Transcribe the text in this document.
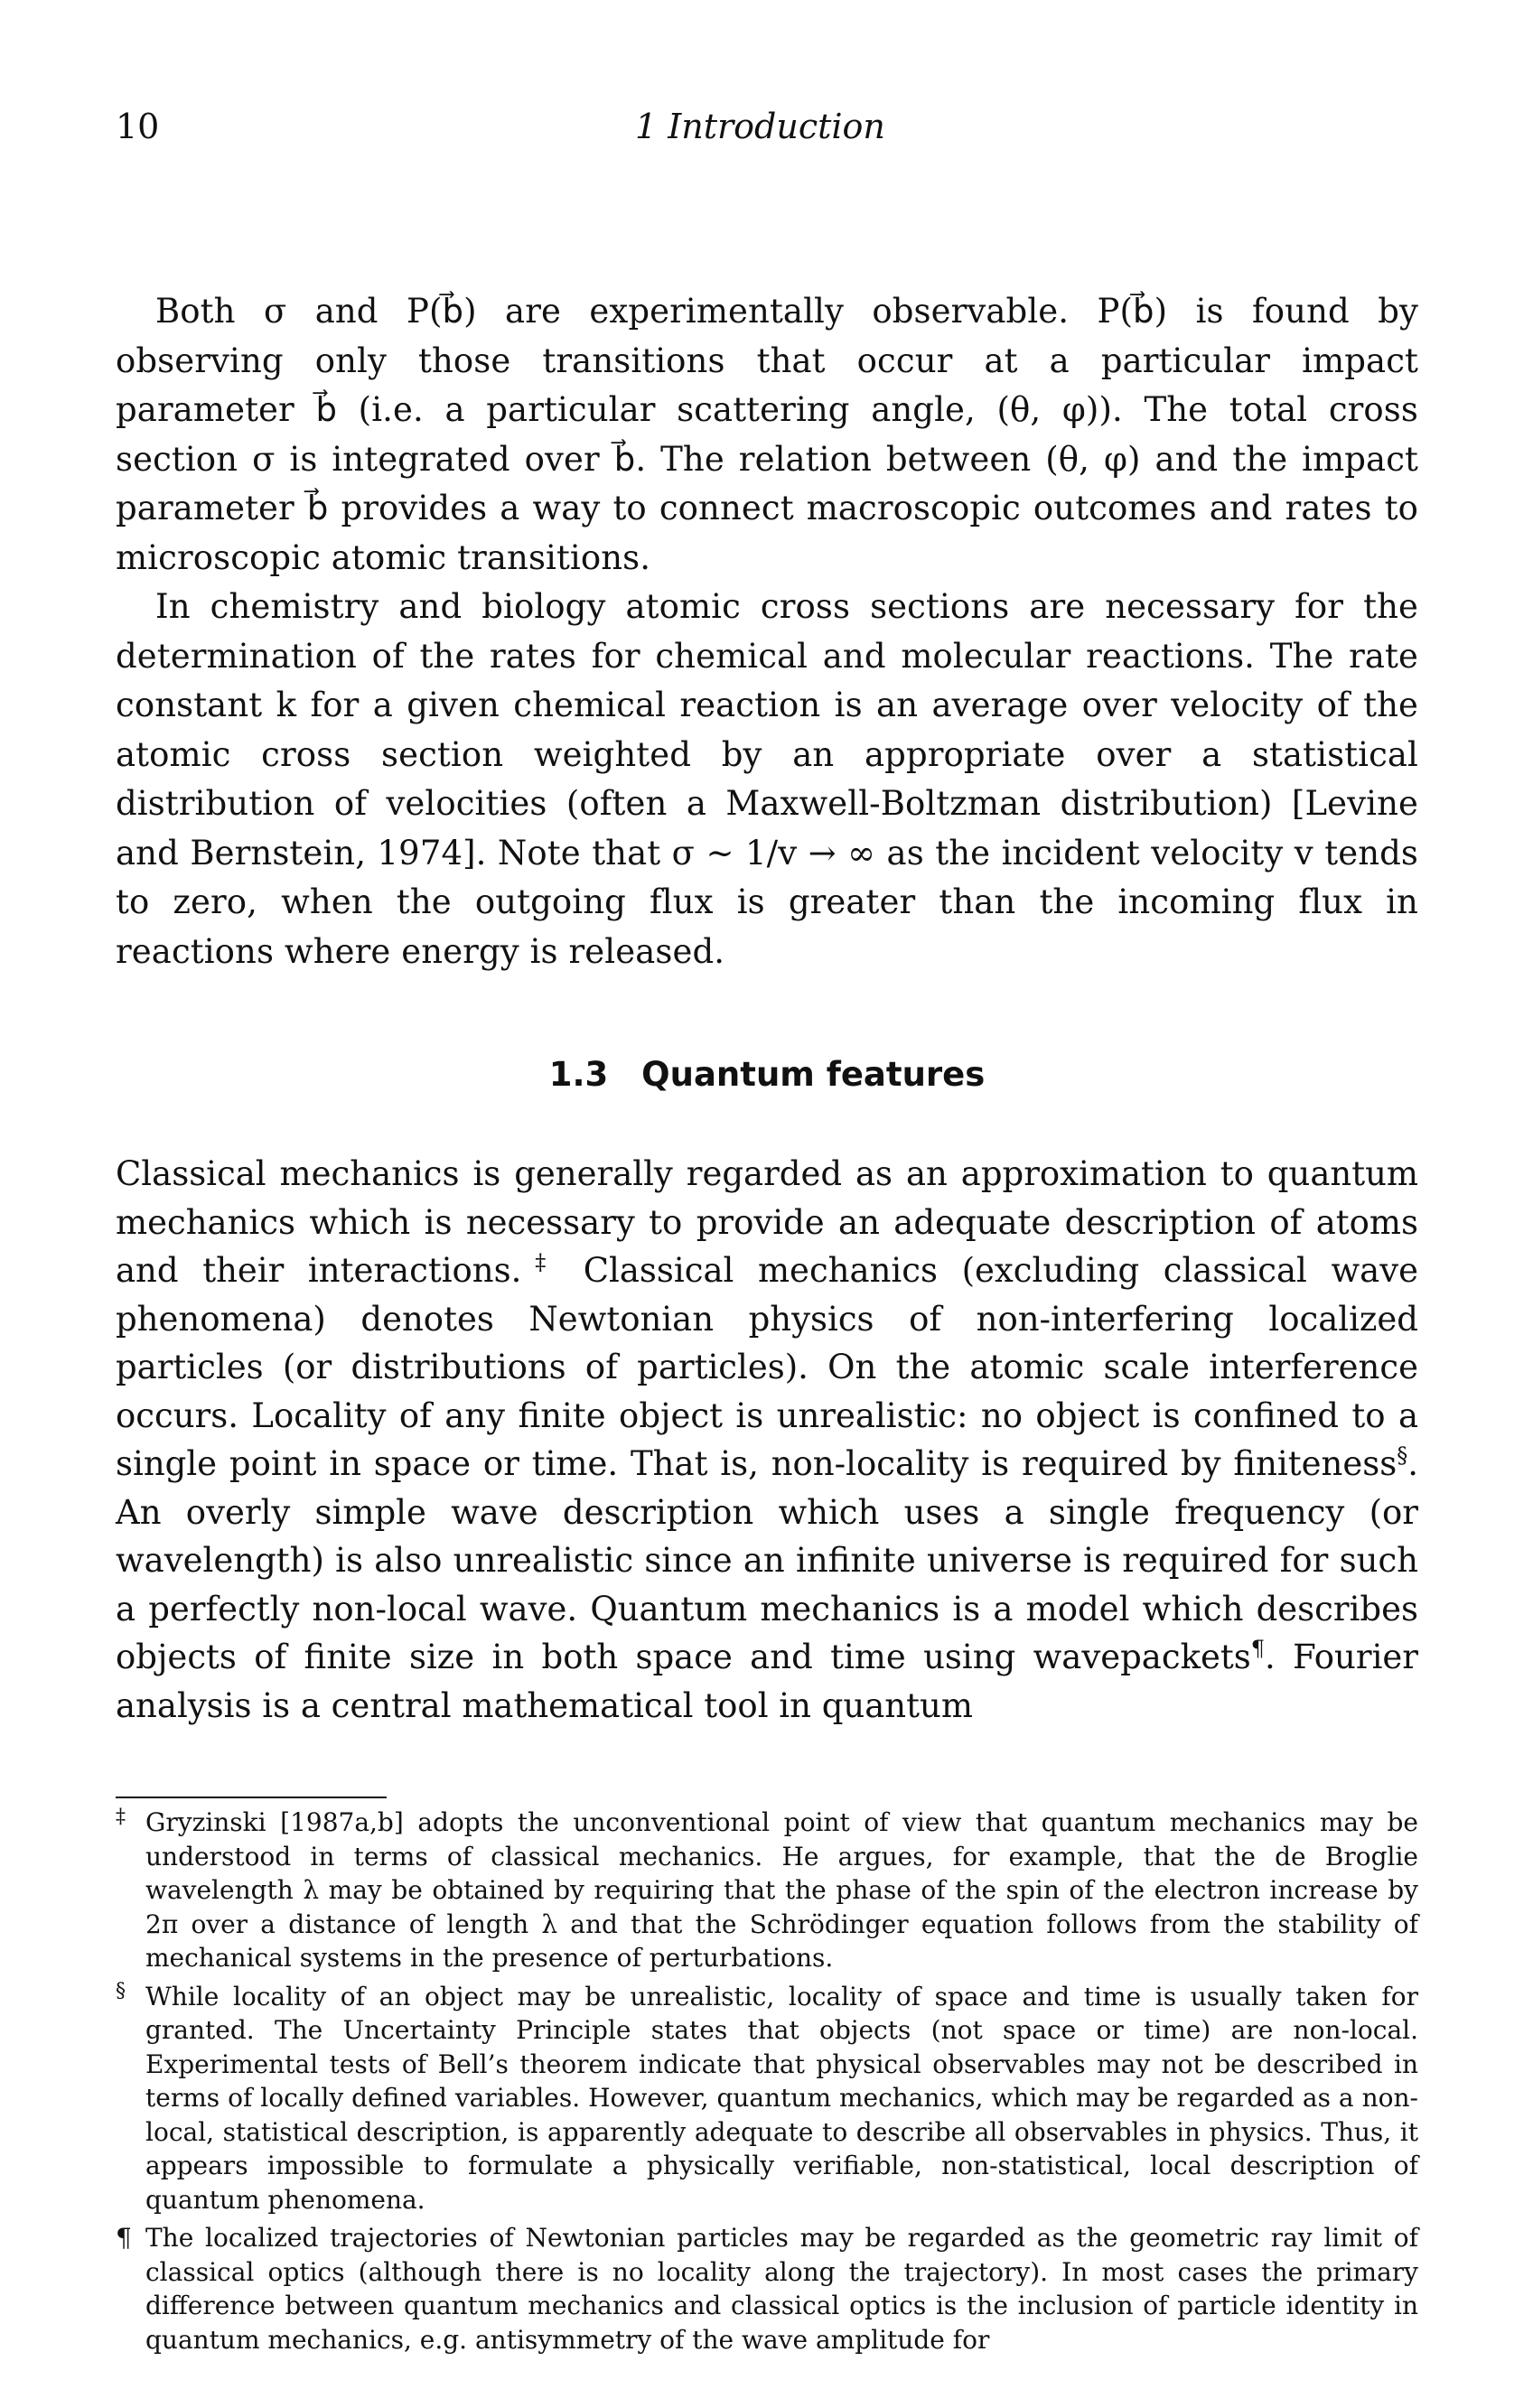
10	1 Introduction

Both σ and P(b⃗) are experimentally observable. P(b⃗) is found by observing only those transitions that occur at a particular impact parameter b⃗ (i.e. a particular scattering angle, (θ, φ)). The total cross section σ is integrated over b⃗. The relation between (θ, φ) and the impact parameter b⃗ provides a way to connect macroscopic outcomes and rates to microscopic atomic transitions.

In chemistry and biology atomic cross sections are necessary for the determination of the rates for chemical and molecular reactions. The rate constant k for a given chemical reaction is an average over velocity of the atomic cross section weighted by an appropriate over a statistical distribution of velocities (often a Maxwell-Boltzman distribution) [Levine and Bernstein, 1974]. Note that σ ~ 1/v → ∞ as the incident velocity v tends to zero, when the outgoing flux is greater than the incoming flux in reactions where energy is released.

1.3 Quantum features

Classical mechanics is generally regarded as an approximation to quantum mechanics which is necessary to provide an adequate description of atoms and their interactions.‡ Classical mechanics (excluding classical wave phenomena) denotes Newtonian physics of non-interfering localized particles (or distributions of particles). On the atomic scale interference occurs. Locality of any finite object is unrealistic: no object is confined to a single point in space or time. That is, non-locality is required by finiteness§. An overly simple wave description which uses a single frequency (or wavelength) is also unrealistic since an infinite universe is required for such a perfectly non-local wave. Quantum mechanics is a model which describes objects of finite size in both space and time using wavepackets¶. Fourier analysis is a central mathematical tool in quantum

‡ Gryzinski [1987a,b] adopts the unconventional point of view that quantum mechanics may be understood in terms of classical mechanics. He argues, for example, that the de Broglie wavelength λ may be obtained by requiring that the phase of the spin of the electron increase by 2π over a distance of length λ and that the Schrödinger equation follows from the stability of mechanical systems in the presence of perturbations.

§ While locality of an object may be unrealistic, locality of space and time is usually taken for granted. The Uncertainty Principle states that objects (not space or time) are non-local. Experimental tests of Bell’s theorem indicate that physical observables may not be described in terms of locally defined variables. However, quantum mechanics, which may be regarded as a non-local, statistical description, is apparently adequate to describe all observables in physics. Thus, it appears impossible to formulate a physically verifiable, non-statistical, local description of quantum phenomena.

¶ The localized trajectories of Newtonian particles may be regarded as the geometric ray limit of classical optics (although there is no locality along the trajectory). In most cases the primary difference between quantum mechanics and classical optics is the inclusion of particle identity in quantum mechanics, e.g. antisymmetry of the wave amplitude for
